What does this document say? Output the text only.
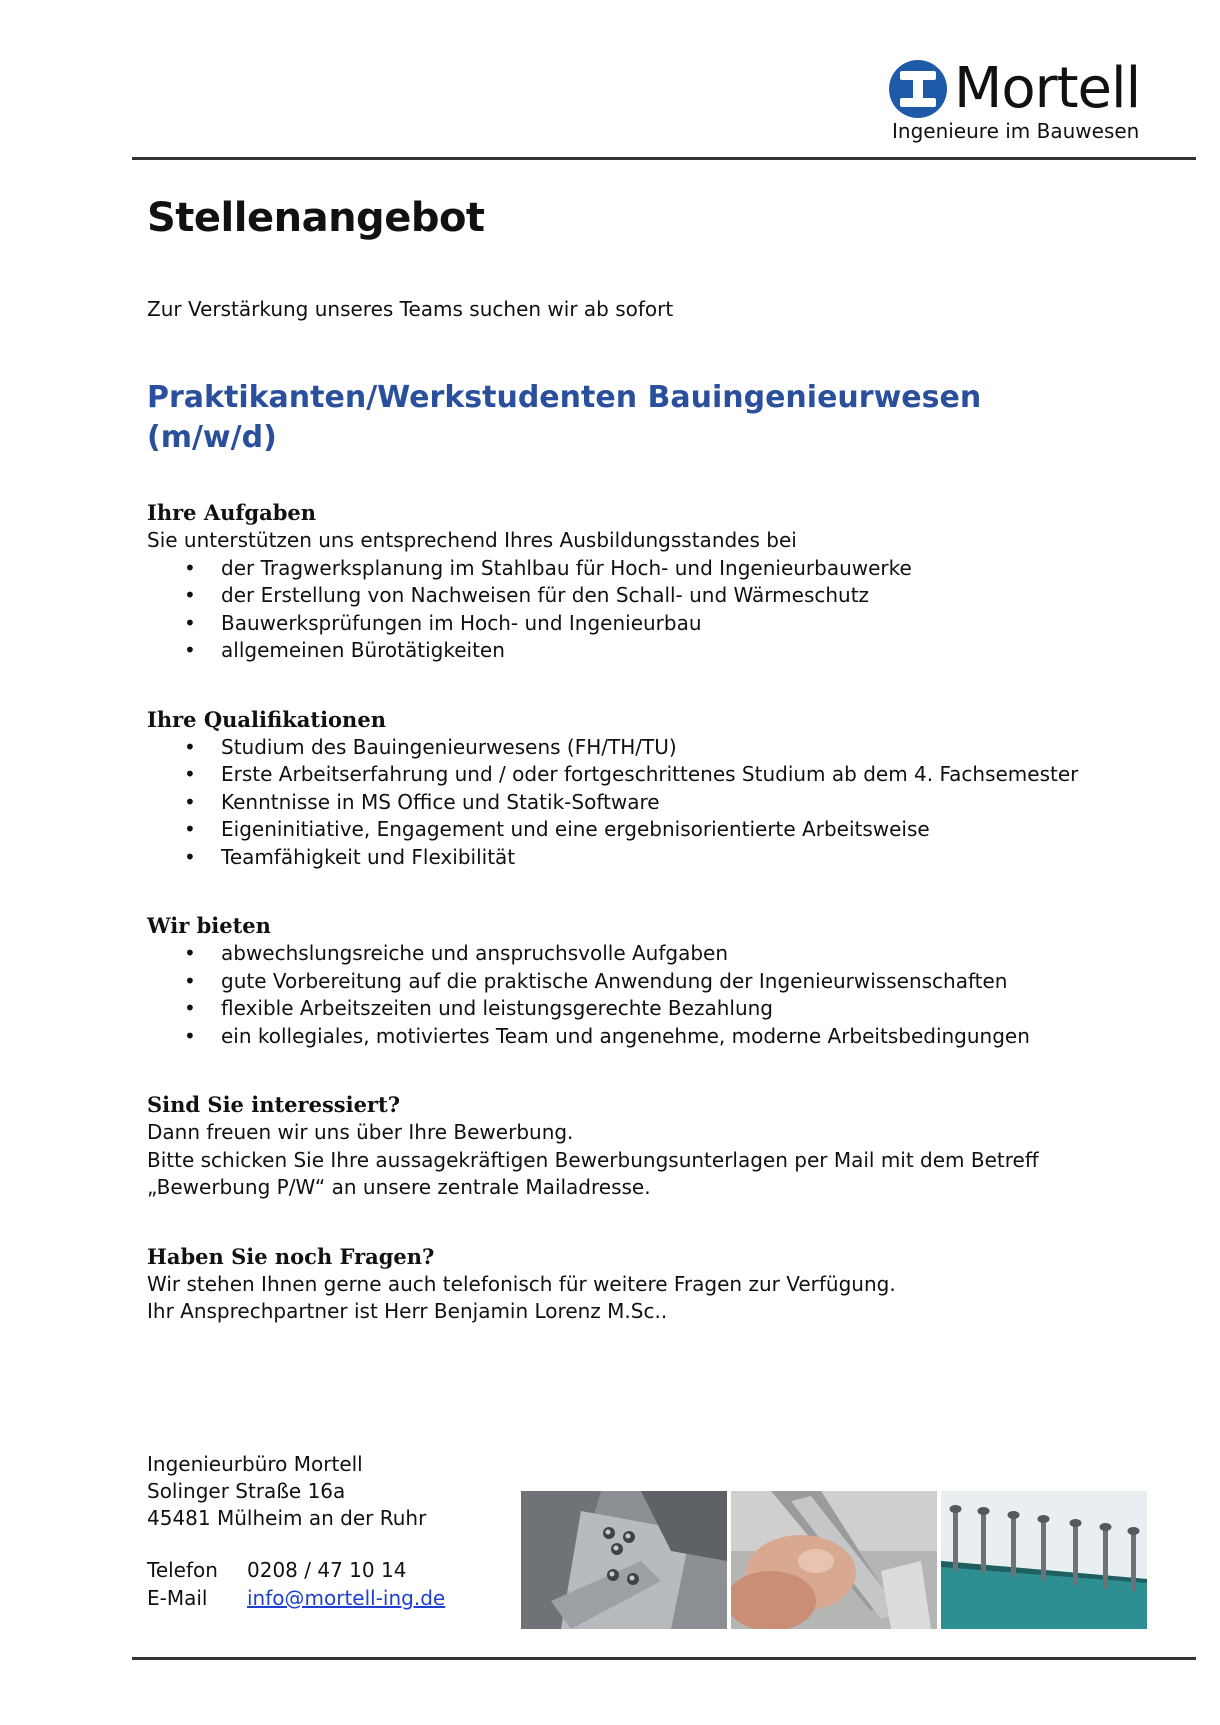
Mortell
Ingenieure im Bauwesen
Stellenangebot

Zur Verstärkung unseres Teams suchen wir ab sofort

Praktikanten/Werkstudenten Bauingenieurwesen
(m/w/d)
Ihre Aufgaben
Sie unterstützen uns entsprechend Ihres Ausbildungsstandes bei
• der Tragwerksplanung im Stahlbau für Hoch- und Ingenieurbauwerke
• der Erstellung von Nachweisen für den Schall- und Wärmeschutz
• Bauwerksprüfungen im Hoch- und Ingenieurbau
• allgemeinen Bürotätigkeiten
Ihre Qualifikationen
• Studium des Bauingenieurwesens (FH/TH/TU)
• Erste Arbeitserfahrung und / oder fortgeschrittenes Studium ab dem 4. Fachsemester
• Kenntnisse in MS Office und Statik-Software
• Eigeninitiative, Engagement und eine ergebnisorientierte Arbeitsweise
• Teamfähigkeit und Flexibilität
Wir bieten
• abwechslungsreiche und anspruchsvolle Aufgaben
• gute Vorbereitung auf die praktische Anwendung der Ingenieurwissenschaften
• flexible Arbeitszeiten und leistungsgerechte Bezahlung
• ein kollegiales, motiviertes Team und angenehme, moderne Arbeitsbedingungen
Sind Sie interessiert?
Dann freuen wir uns über Ihre Bewerbung.
Bitte schicken Sie Ihre aussagekräftigen Bewerbungsunterlagen per Mail mit dem Betreff
„Bewerbung P/W“ an unsere zentrale Mailadresse.
Haben Sie noch Fragen?
Wir stehen Ihnen gerne auch telefonisch für weitere Fragen zur Verfügung.
Ihr Ansprechpartner ist Herr Benjamin Lorenz M.Sc..
Ingenieurbüro Mortell
Solinger Straße 16a
45481 Mülheim an der Ruhr
Telefon 0208 / 47 10 14
E-Mail info@mortell-ing.de
